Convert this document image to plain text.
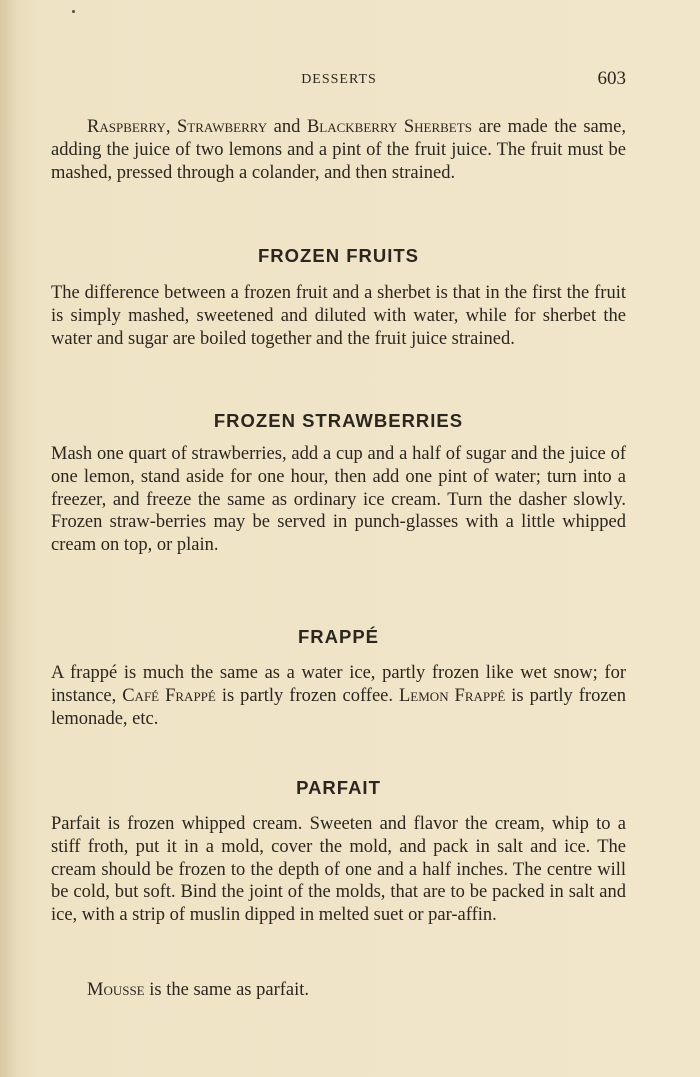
DESSERTS	603

Raspberry, Strawberry and Blackberry Sherbets are made the same, adding the juice of two lemons and a pint of the fruit juice. The fruit must be mashed, pressed through a colander, and then strained.

FROZEN FRUITS

The difference between a frozen fruit and a sherbet is that in the first the fruit is simply mashed, sweetened and diluted with water, while for sherbet the water and sugar are boiled together and the fruit juice strained.

FROZEN STRAWBERRIES

Mash one quart of strawberries, add a cup and a half of sugar and the juice of one lemon, stand aside for one hour, then add one pint of water; turn into a freezer, and freeze the same as ordinary ice cream. Turn the dasher slowly. Frozen straw-berries may be served in punch-glasses with a little whipped cream on top, or plain.

FRAPPÉ

A frappé is much the same as a water ice, partly frozen like wet snow; for instance, Café Frappé is partly frozen coffee. Lemon Frappé is partly frozen lemonade, etc.

PARFAIT

Parfait is frozen whipped cream. Sweeten and flavor the cream, whip to a stiff froth, put it in a mold, cover the mold, and pack in salt and ice. The cream should be frozen to the depth of one and a half inches. The centre will be cold, but soft. Bind the joint of the molds, that are to be packed in salt and ice, with a strip of muslin dipped in melted suet or par-affin.

Mousse is the same as parfait.
